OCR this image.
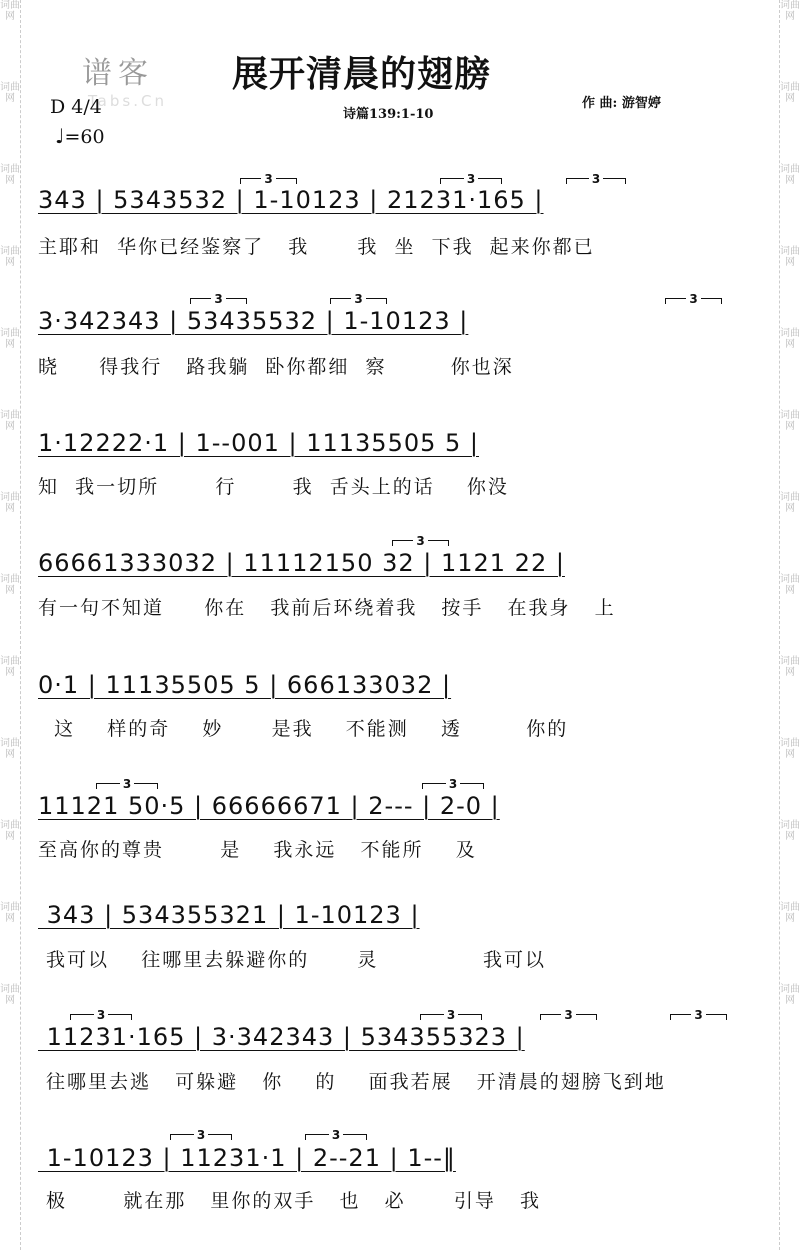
词曲网
词曲网
词曲网
词曲网
词曲网
词曲网
词曲网
词曲网
词曲网
词曲网
词曲网
词曲网
词曲网
词曲网
词曲网
词曲网
词曲网
词曲网
词曲网
词曲网
词曲网
词曲网
词曲网
词曲网
词曲网
词曲网
谱客
Tabs.Cn
展开清晨的翅膀
D 4/4
♩=60
诗篇139:1-10
作 曲: 游智婷
343 | 5343532 | 1-10123 | 21231·165 |
主耶和  华你已经鉴察了   我      我  坐  下我  起来你都已
3·342343 | 53435532 | 1-10123 |
晓     得我行   路我躺  卧你都细  察        你也深
1·12222·1 | 1--001 | 11135505 5 |
知  我一切所       行       我  舌头上的话    你没
66661333032 | 11112150 32 | 1121 22 |
有一句不知道     你在   我前后环绕着我   按手   在我身   上
0·1 | 11135505 5 | 666133032 |
这    样的奇    妙      是我    不能测    透        你的
11121 50·5 | 66666671 | 2--- | 2-0 |
至高你的尊贵       是    我永远   不能所    及
343 | 534355321 | 1-10123 |
我可以    往哪里去躲避你的      灵             我可以
11231·165 | 3·342343 | 534355323 |
往哪里去逃   可躲避   你    的    面我若展   开清晨的翅膀飞到地
1-10123 | 11231·1 | 2--21 | 1--‖
极       就在那   里你的双手   也   必      引导   我
3	3	3
3	3	3
3
3	3
3	3	3	3
3	3
